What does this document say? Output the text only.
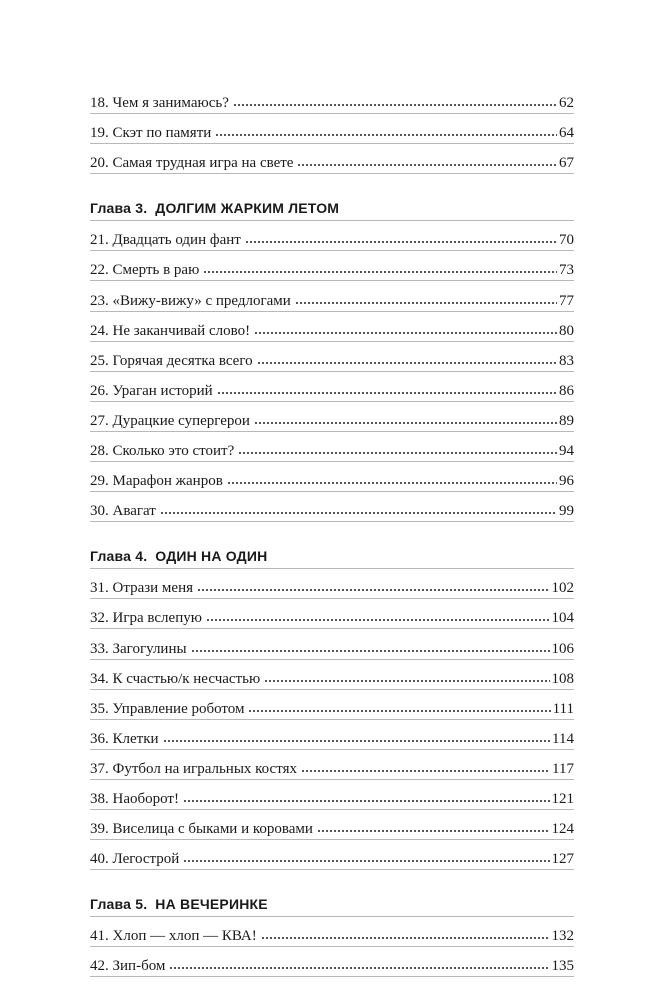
18. Чем я занимаюсь?	62
19. Скэт по памяти	64
20. Самая трудная игра на свете	67
Глава 3. ДОЛГИМ ЖАРКИМ ЛЕТОМ
21. Двадцать один фант	70
22. Смерть в раю	73
23. «Вижу-вижу» с предлогами	77
24. Не заканчивай слово!	80
25. Горячая десятка всего	83
26. Ураган историй	86
27. Дурацкие супергерои	89
28. Сколько это стоит?	94
29. Марафон жанров	96
30. Авагат	99
Глава 4. ОДИН НА ОДИН
31. Отрази меня	102
32. Игра вслепую	104
33. Загогулины	106
34. К счастью/к несчастью	108
35. Управление роботом	111
36. Клетки	114
37. Футбол на игральных костях	117
38. Наоборот!	121
39. Виселица с быками и коровами	124
40. Легострой	127
Глава 5. НА ВЕЧЕРИНКЕ
41. Хлоп — хлоп — КВА!	132
42. Зип-бом	135
